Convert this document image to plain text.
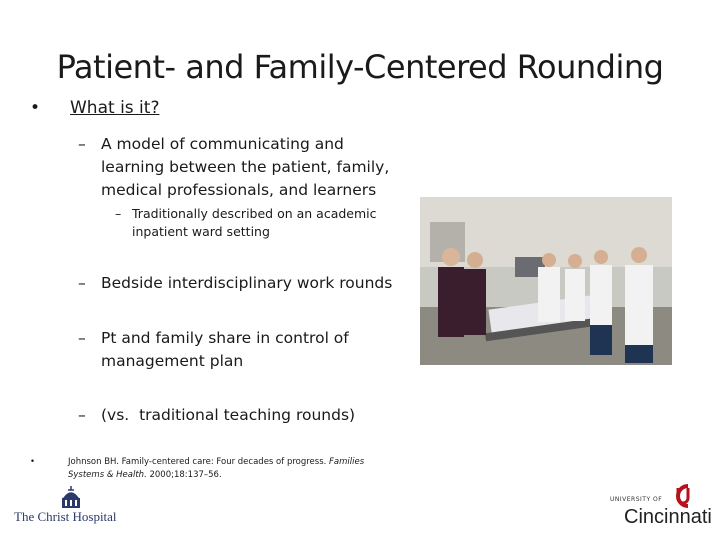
Patient- and Family-Centered Rounding
• What is it?
– A model of communicating and learning between the patient, family, medical professionals, and learners
– Traditionally described on an academic inpatient ward setting
– Bedside interdisciplinary work rounds
– Pt and family share in control of management plan
– (vs.  traditional teaching rounds)
•	Johnson BH. Family-centered care: Four decades of progress. Families Systems & Health. 2000;18:137–56.
The Christ Hospital
UNIVERSITY OF
Cincinnati
